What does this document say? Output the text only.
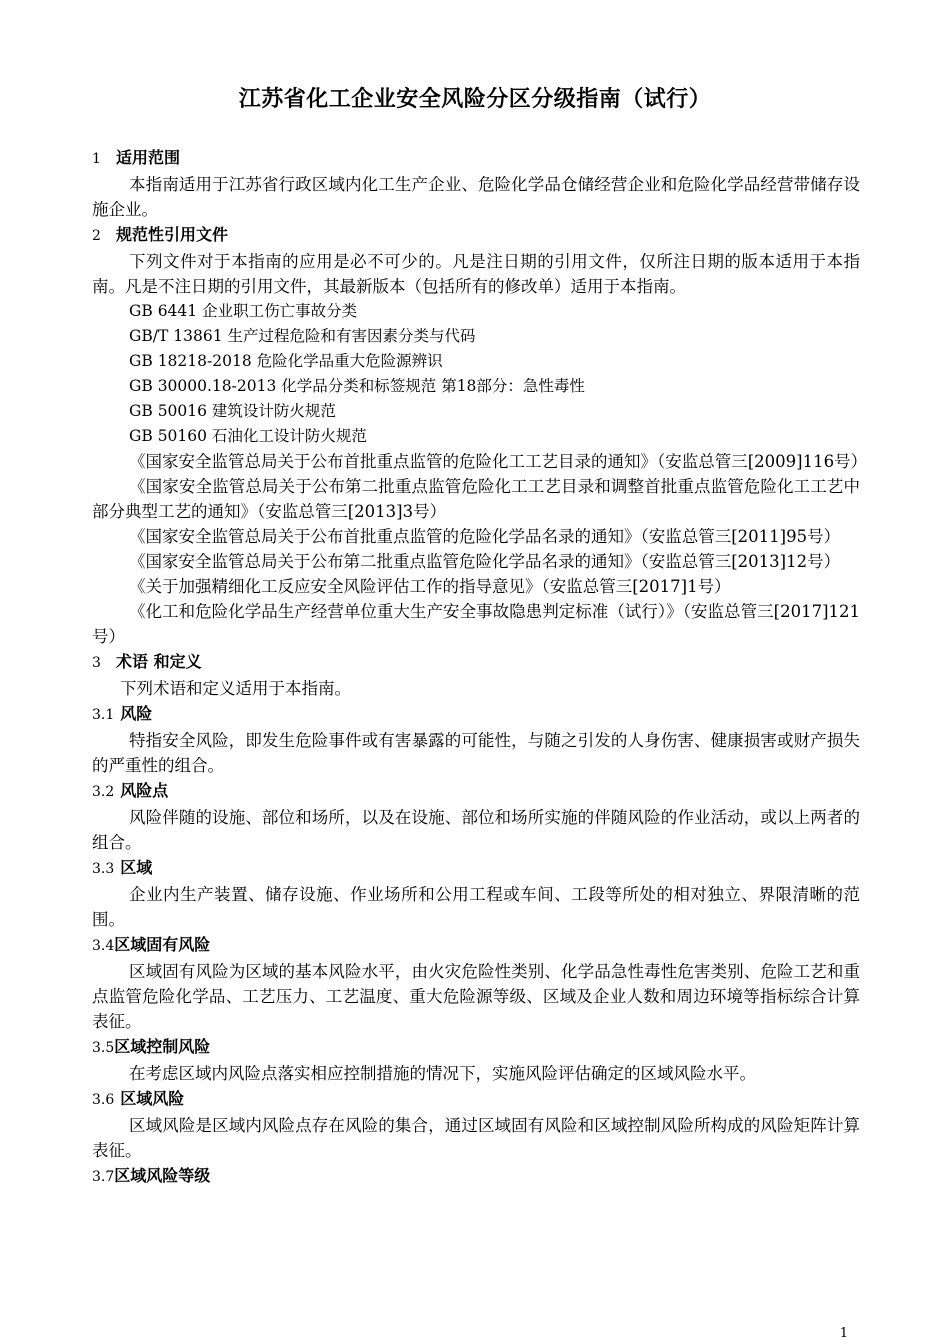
江苏省化工企业安全风险分区分级指南（试行）
1 适用范围
本指南适用于江苏省行政区域内化工生产企业、危险化学品仓储经营企业和危险化学品经营带储存设施企业。
2 规范性引用文件
下列文件对于本指南的应用是必不可少的。凡是注日期的引用文件，仅所注日期的版本适用于本指南。凡是不注日期的引用文件，其最新版本（包括所有的修改单）适用于本指南。
GB 6441 企业职工伤亡事故分类
GB/T 13861 生产过程危险和有害因素分类与代码
GB 18218-2018 危险化学品重大危险源辨识
GB 30000.18-2013 化学品分类和标签规范 第18部分：急性毒性
GB 50016 建筑设计防火规范
GB 50160 石油化工设计防火规范
《国家安全监管总局关于公布首批重点监管的危险化工工艺目录的通知》（安监总管三[2009]116号）
《国家安全监管总局关于公布第二批重点监管危险化工工艺目录和调整首批重点监管危险化工工艺中部分典型工艺的通知》（安监总管三[2013]3号）
《国家安全监管总局关于公布首批重点监管的危险化学品名录的通知》（安监总管三[2011]95号）
《国家安全监管总局关于公布第二批重点监管危险化学品名录的通知》（安监总管三[2013]12号）
《关于加强精细化工反应安全风险评估工作的指导意见》（安监总管三[2017]1号）
《化工和危险化学品生产经营单位重大生产安全事故隐患判定标准（试行）》（安监总管三[2017]121号）
3 术语 和定义
下列术语和定义适用于本指南。
3.1 风险
特指安全风险，即发生危险事件或有害暴露的可能性，与随之引发的人身伤害、健康损害或财产损失的严重性的组合。
3.2 风险点
风险伴随的设施、部位和场所，以及在设施、部位和场所实施的伴随风险的作业活动，或以上两者的组合。
3.3 区域
企业内生产装置、储存设施、作业场所和公用工程或车间、工段等所处的相对独立、界限清晰的范围。
3.4区域固有风险
区域固有风险为区域的基本风险水平，由火灾危险性类别、化学品急性毒性危害类别、危险工艺和重点监管危险化学品、工艺压力、工艺温度、重大危险源等级、区域及企业人数和周边环境等指标综合计算表征。
3.5区域控制风险
在考虑区域内风险点落实相应控制措施的情况下，实施风险评估确定的区域风险水平。
3.6 区域风险
区域风险是区域内风险点存在风险的集合，通过区域固有风险和区域控制风险所构成的风险矩阵计算表征。
3.7区域风险等级
1
